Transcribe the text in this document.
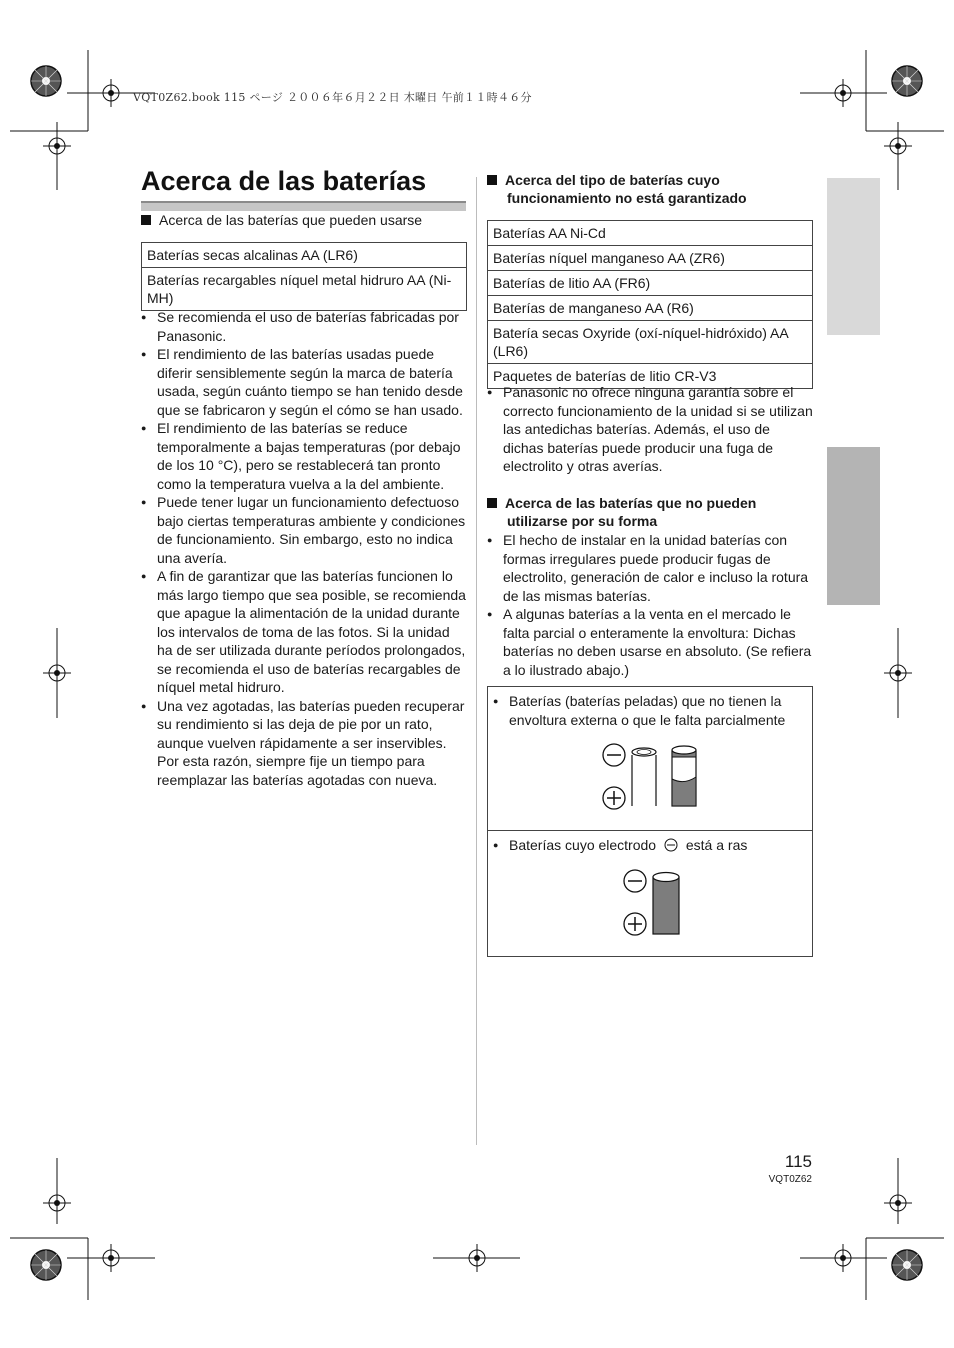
VQT0Z62.book 115 ページ ２００６年６月２２日 木曜日 午前１１時４６分
Acerca de las baterías
Acerca de las baterías que pueden usarse
Baterías secas alcalinas AA (LR6)
Baterías recargables níquel metal hidruro AA (Ni-MH)
● Se recomienda el uso de baterías fabricadas por Panasonic.
● El rendimiento de las baterías usadas puede diferir sensiblemente según la marca de batería usada, según cuánto tiempo se han tenido desde que se fabricaron y según el cómo se han usado.
● El rendimiento de las baterías se reduce temporalmente a bajas temperaturas (por debajo de los 10 °C), pero se restablecerá tan pronto como la temperatura vuelva a la del ambiente.
● Puede tener lugar un funcionamiento defectuoso bajo ciertas temperaturas ambiente y condiciones de funcionamiento. Sin embargo, esto no indica una avería.
● A fin de garantizar que las baterías funcionen lo más largo tiempo que sea posible, se recomienda que apague la alimentación de la unidad durante los intervalos de toma de las fotos. Si la unidad ha de ser utilizada durante períodos prolongados, se recomienda el uso de baterías recargables de níquel metal hidruro.
● Una vez agotadas, las baterías pueden recuperar su rendimiento si las deja de pie por un rato, aunque vuelven rápidamente a ser inservibles. Por esta razón, siempre fije un tiempo para reemplazar las baterías agotadas con nueva.
Acerca del tipo de baterías cuyo
funcionamiento no está garantizado
Baterías AA Ni-Cd
Baterías níquel manganeso AA (ZR6)
Baterías de litio AA (FR6)
Baterías de manganeso AA (R6)
Batería secas Oxyride (oxí-níquel-hidróxido) AA (LR6)
Paquetes de baterías de litio CR-V3
● Panasonic no ofrece ninguna garantía sobre el correcto funcionamiento de la unidad si se utilizan las antedichas baterías. Además, el uso de dichas baterías puede producir una fuga de electrolito y otras averías.
Acerca de las baterías que no pueden
utilizarse por su forma
● El hecho de instalar en la unidad baterías con formas irregulares puede producir fugas de electrolito, generación de calor e incluso la rotura de las mismas baterías.
● A algunas baterías a la venta en el mercado le falta parcial o enteramente la envoltura: Dichas baterías no deben usarse en absoluto. (Se refiera a lo ilustrado abajo.)
● Baterías (baterías peladas) que no tienen la envoltura externa o que le falta parcialmente
● Baterías cuyo electrodo está a ras
115
VQT0Z62
